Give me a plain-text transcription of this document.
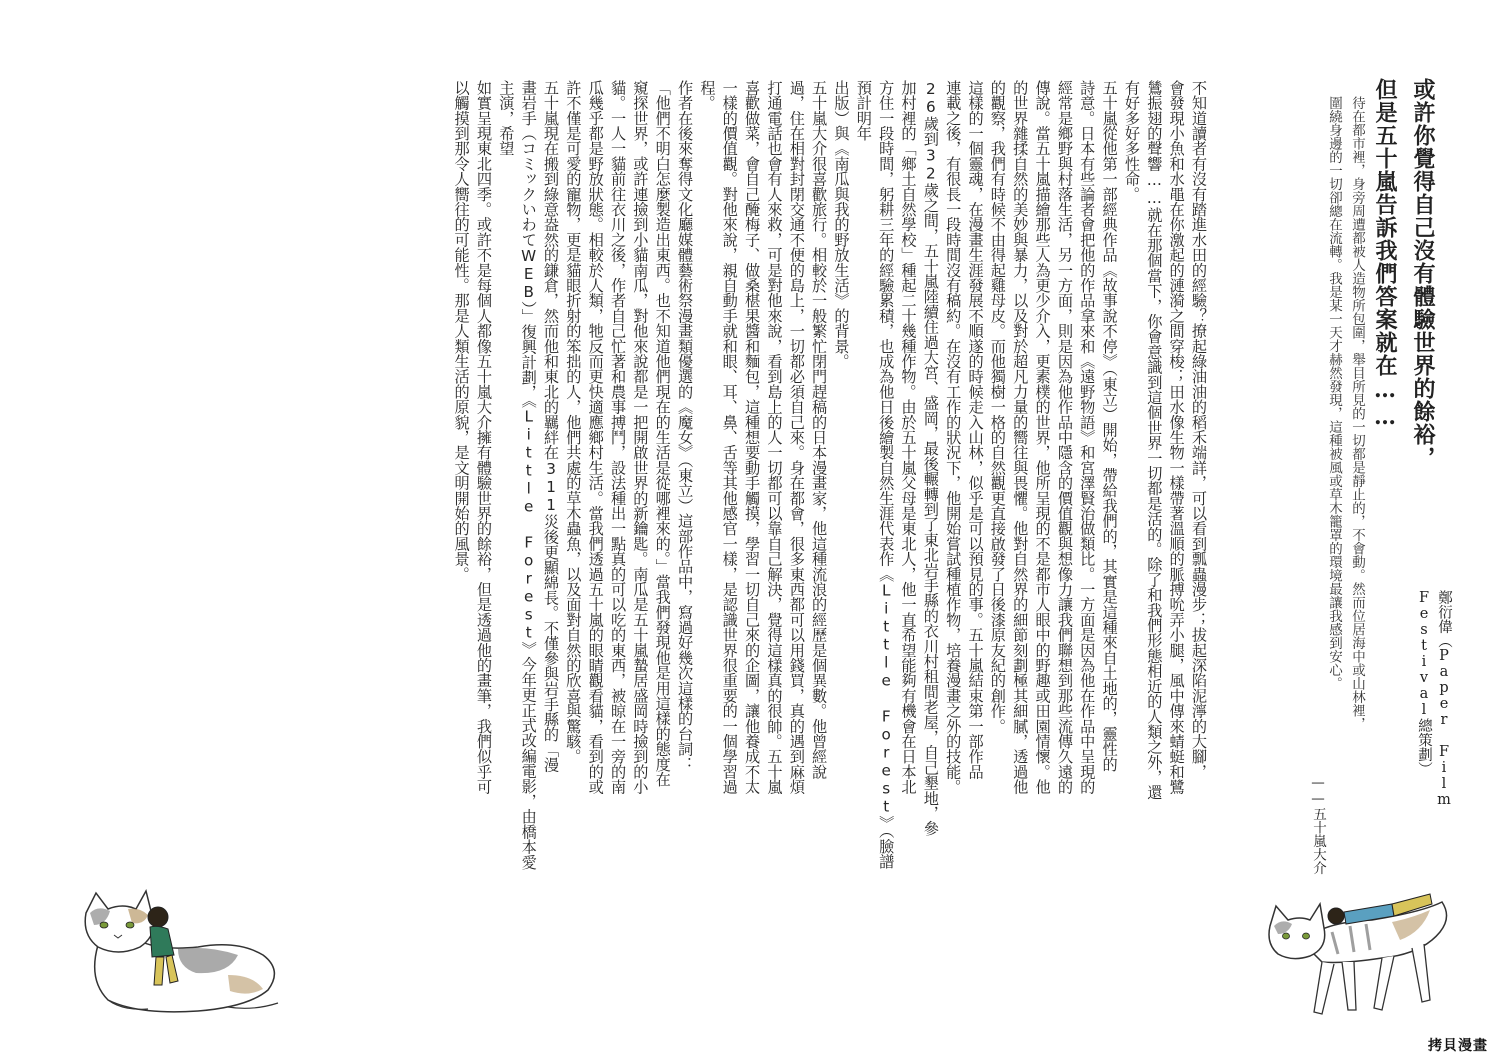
或許你覺得自己沒有體驗世界的餘裕，
但是五十嵐告訴我們答案就在……

鄭衍偉（Paper Film Festival總策劃）

待在都市裡，身旁周遭都被人造物所包圍，舉目所見的一切都是靜止的，不會動。然而位居海中或山林裡，
圍繞身邊的一切卻總在流轉。我是某一天才赫然發現，這種被風或草木籠罩的環境最讓我感到安心。

——五十嵐大介

不知道讀者有沒有踏進水田的經驗？撩起綠油油的稻禾端詳，可以看到瓢蟲漫步；拔起深陷泥濘的大腳，
會發現小魚和水黽在你激起的漣漪之間穿梭；田水像生物一樣帶著溫順的脈搏吮弄小腿，風中傳來蜻蜓和鷺
鷥振翅的聲響……就在那個當下，你會意識到這個世界一切都是活的。除了和我們形態相近的人類之外，還
有好多好多性命。
五十嵐從他第一部經典作品《故事說不停》（東立）開始，帶給我們的，其實是這種來自土地的，靈性的
詩意。日本有些論者會把他的作品拿來和《遠野物語》和宮澤賢治做類比。一方面是因為他在作品中呈現的
經常是鄉野與村落生活，另一方面，則是因為他作品中隱含的價值觀與想像力讓我們聯想到那些流傳久遠的
傳說。當五十嵐描繪那些人為更少介入，更素樸的世界，他所呈現的不是都市人眼中的野趣或田園情懷。他
的世界雜揉自然的美妙與暴力，以及對於超凡力量的嚮往與畏懼。他對自然界的細節刻劃極其細膩，透過他
的觀察，我們有時候不由得起雞母皮。而他獨樹一格的自然觀更直接啟發了日後漆原友紀的創作。
這樣的一個靈魂，在漫畫生涯發展不順遂的時候走入山林，似乎是可以預見的事。五十嵐結束第一部作品
連載之後，有很長一段時間沒有稿約。在沒有工作的狀況下，他開始嘗試種植作物，培養漫畫之外的技能。
26歲到32歲之間，五十嵐陸續住過大宮、盛岡，最後輾轉到了東北岩手縣的衣川村租間老屋，自己墾地，參
加村裡的「鄉土自然學校」種起二十幾種作物。由於五十嵐父母是東北人，他一直希望能夠有機會在日本北
方住一段時間，躬耕三年的經驗累積，也成為他日後繪製自然生涯代表作《Little Forest》（臉譜預計明年
出版）與《南瓜與我的野放生活》的背景。
五十嵐大介很喜歡旅行。相較於一般繁忙閉門趕稿的日本漫畫家，他這種流浪的經歷是個異數。他曾經說
過，住在相對封閉交通不便的島上，一切都必須自己來。身在都會，很多東西都可以用錢買，真的遇到麻煩
打通電話也會有人來救，可是對他來說，看到島上的人一切都可以靠自己解決，覺得這樣真的很帥。五十嵐
喜歡做菜，會自己醃梅子、做桑椹果醬和麵包，這種想要動手觸摸，學習一切自己來的企圖，讓他養成不太
一樣的價值觀。對他來說，親自動手就和眼、耳、鼻、舌等其他感官一樣，是認識世界很重要的一個學習過
程。
作者在後來奪得文化廳媒體藝術祭漫畫類優選的《魔女》（東立）這部作品中，寫過好幾次這樣的台詞：
「他們不明白怎麼製造出東西。也不知道他們現在的生活是從哪裡來的。」當我們發現他是用這樣的態度在
窺探世界，或許連撿到小貓南瓜，對他來說都是一把開啟世界的新鑰匙。南瓜是五十嵐蟄居盛岡時撿到的小
貓。一人一貓前往衣川之後，作者自己忙著和農事搏鬥，設法種出一點真的可以吃的東西，被晾在一旁的南
瓜幾乎都是野放狀態。相較於人類，牠反而更快適應鄉村生活。當我們透過五十嵐的眼睛觀看貓，看到的或
許不僅是可愛的寵物，更是貓眼折射的笨拙的人，他們共處的草木蟲魚，以及面對自然的欣喜與驚駭。
五十嵐現在搬到綠意盎然的鎌倉，然而他和東北的羈絆在311災後更顯綿長。不僅參與岩手縣的「漫
畫岩手（コミックいわてWEB）」復興計劃，《Little Forest》今年更正式改編電影，由橋本愛主演，希望
如實呈現東北四季。或許不是每個人都像五十嵐大介擁有體驗世界的餘裕，但是透過他的畫筆，我們似乎可
以觸摸到那令人嚮往的可能性。那是人類生活的原貌，是文明開始的風景。

拷貝漫畫
